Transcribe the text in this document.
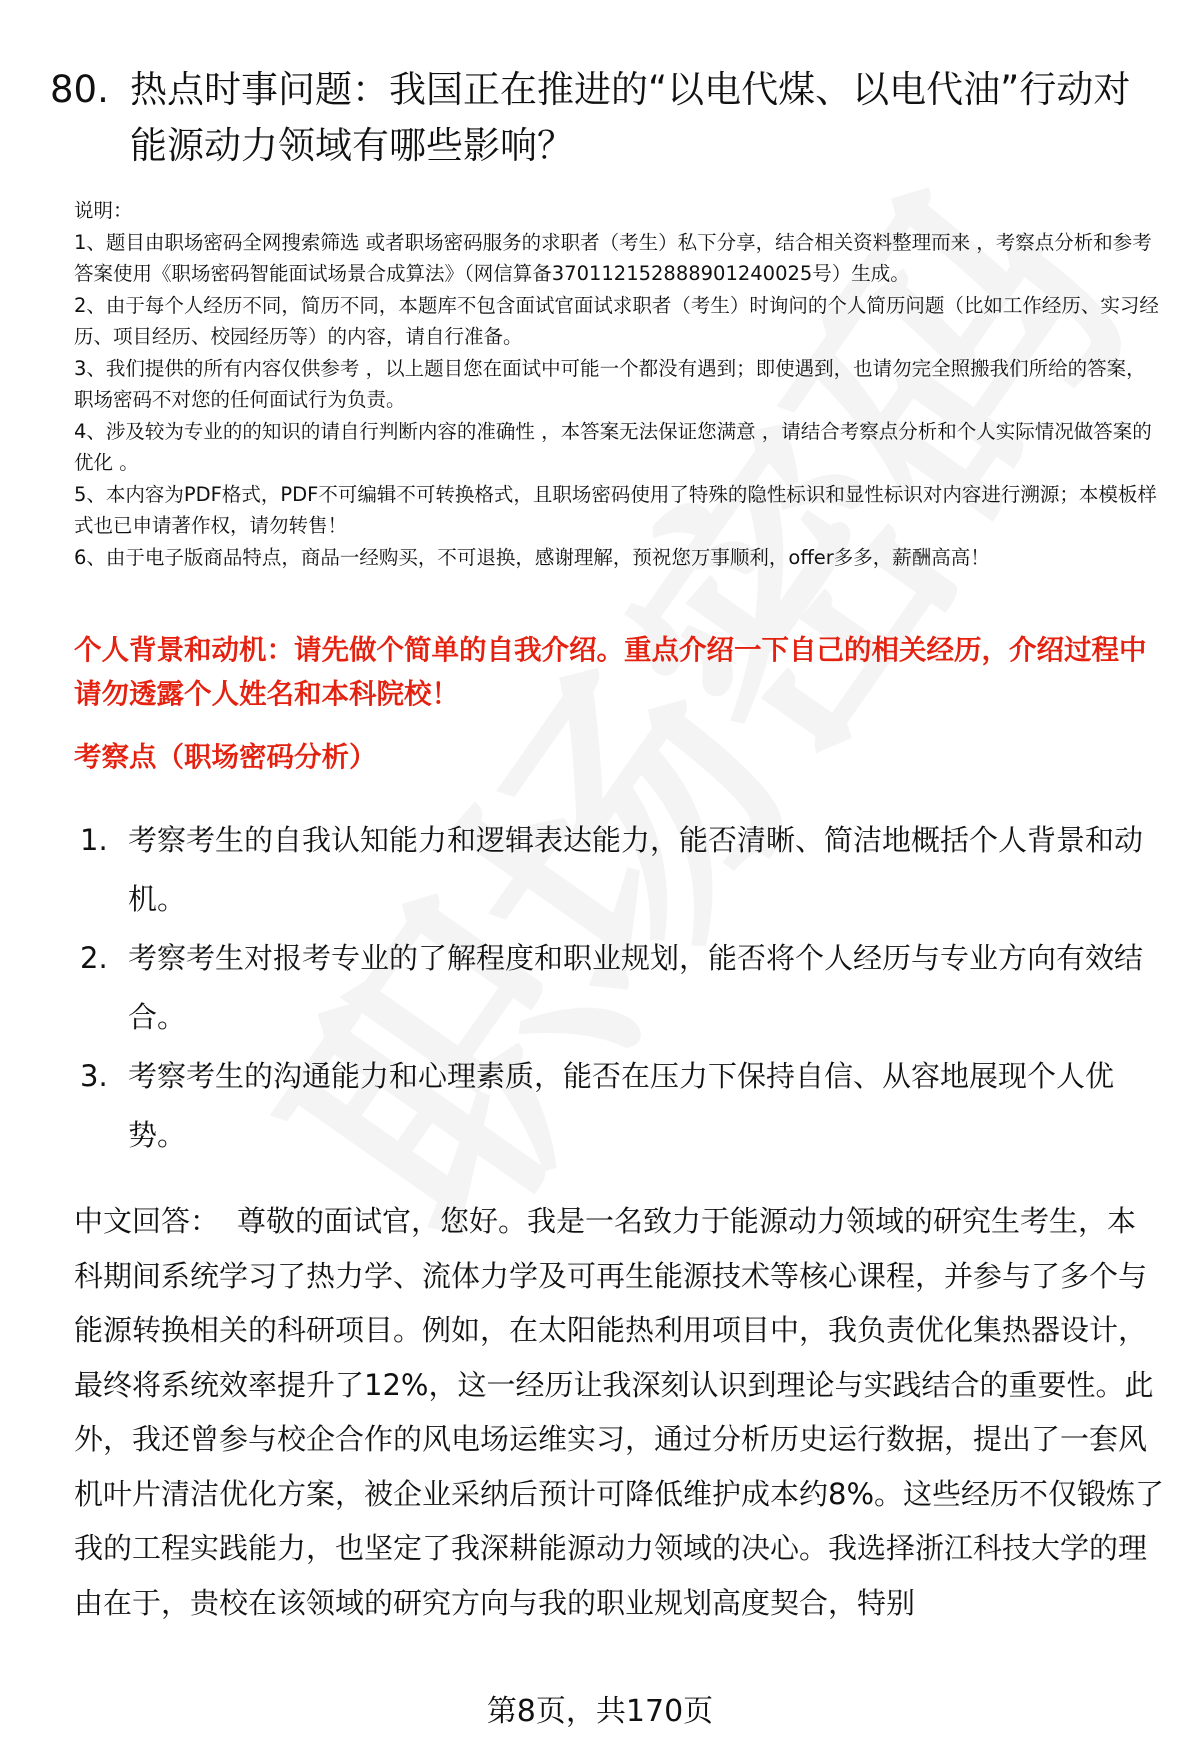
80. 热点时事问题：我国正在推进的“以电代煤、以电代油”行动对能源动力领域有哪些影响？

说明：

1、题目由职场密码全网搜索筛选 或者职场密码服务的求职者（考生）私下分享，结合相关资料整理而来 ，考察点分析和参考答案使用《职场密码智能面试场景合成算法》（网信算备370112152888901240025号）生成。

2、由于每个人经历不同，简历不同，本题库不包含面试官面试求职者（考生）时询问的个人简历问题（比如工作经历、实习经历、项目经历、校园经历等）的内容，请自行准备。

3、我们提供的所有内容仅供参考 ，以上题目您在面试中可能一个都没有遇到；即使遇到，也请勿完全照搬我们所给的答案，职场密码不对您的任何面试行为负责。

4、涉及较为专业的的知识的请自行判断内容的准确性 ，本答案无法保证您满意 ，请结合考察点分析和个人实际情况做答案的优化 。

5、本内容为PDF格式，PDF不可编辑不可转换格式，且职场密码使用了特殊的隐性标识和显性标识对内容进行溯源；本模板样式也已申请著作权，请勿转售！

6、由于电子版商品特点，商品一经购买，不可退换，感谢理解，预祝您万事顺利，offer多多，薪酬高高！

个人背景和动机：请先做个简单的自我介绍。重点介绍一下自己的相关经历，介绍过程中请勿透露个人姓名和本科院校！

考察点（职场密码分析）

1. 考察考生的自我认知能力和逻辑表达能力，能否清晰、简洁地概括个人背景和动机。
2. 考察考生对报考专业的了解程度和职业规划，能否将个人经历与专业方向有效结合。
3. 考察考生的沟通能力和心理素质，能否在压力下保持自信、从容地展现个人优势。

中文回答： 尊敬的面试官，您好。我是一名致力于能源动力领域的研究生考生，本科期间系统学习了热力学、流体力学及可再生能源技术等核心课程，并参与了多个与能源转换相关的科研项目。例如，在太阳能热利用项目中，我负责优化集热器设计，最终将系统效率提升了12%，这一经历让我深刻认识到理论与实践结合的重要性。此外，我还曾参与校企合作的风电场运维实习，通过分析历史运行数据，提出了一套风机叶片清洁优化方案，被企业采纳后预计可降低维护成本约8%。这些经历不仅锻炼了我的工程实践能力，也坚定了我深耕能源动力领域的决心。我选择浙江科技大学的理由在于，贵校在该领域的研究方向与我的职业规划高度契合，特别

第8页，共170页
